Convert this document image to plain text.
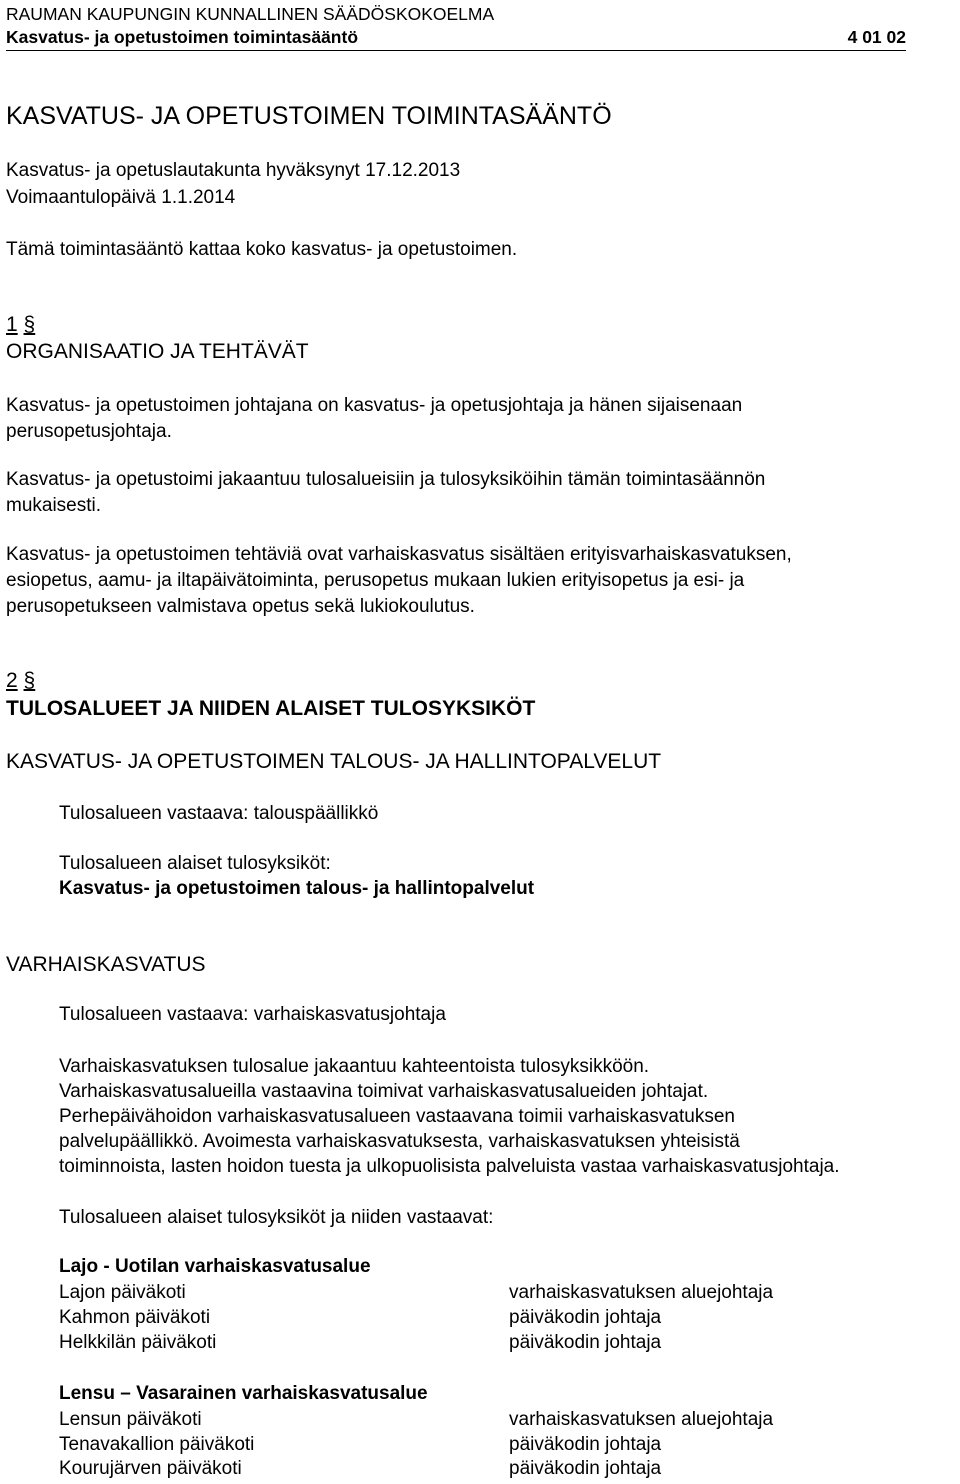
RAUMAN KAUPUNGIN KUNNALLINEN SÄÄDÖSKOKOELMA
Kasvatus- ja opetustoimen toimintasääntö	4 01 02
KASVATUS- JA OPETUSTOIMEN TOIMINTASÄÄNTÖ
Kasvatus- ja opetuslautakunta hyväksynyt 17.12.2013
Voimaantulopäivä 1.1.2014
Tämä toimintasääntö kattaa koko kasvatus- ja opetustoimen.
1 §
ORGANISAATIO JA TEHTÄVÄT
Kasvatus- ja opetustoimen johtajana on kasvatus- ja opetusjohtaja ja hänen sijaisenaan
perusopetusjohtaja.
Kasvatus- ja opetustoimi jakaantuu tulosalueisiin ja tulosyksiköihin tämän toimintasäännön
mukaisesti.
Kasvatus- ja opetustoimen tehtäviä ovat varhaiskasvatus sisältäen erityisvarhaiskasvatuksen,
esiopetus, aamu- ja iltapäivätoiminta, perusopetus mukaan lukien erityisopetus ja esi- ja
perusopetukseen valmistava opetus sekä lukiokoulutus.
2 §
TULOSALUEET JA NIIDEN ALAISET TULOSYKSIKÖT
KASVATUS- JA OPETUSTOIMEN TALOUS- JA HALLINTOPALVELUT
Tulosalueen vastaava: talouspäällikkö
Tulosalueen alaiset tulosyksiköt:
Kasvatus- ja opetustoimen talous- ja hallintopalvelut
VARHAISKASVATUS
Tulosalueen vastaava: varhaiskasvatusjohtaja
Varhaiskasvatuksen tulosalue jakaantuu kahteentoista tulosyksikköön.
Varhaiskasvatusalueilla vastaavina toimivat varhaiskasvatusalueiden johtajat.
Perhepäivähoidon varhaiskasvatusalueen vastaavana toimii varhaiskasvatuksen
palvelupäällikkö. Avoimesta varhaiskasvatuksesta, varhaiskasvatuksen yhteisistä
toiminnoista, lasten hoidon tuesta ja ulkopuolisista palveluista vastaa varhaiskasvatusjohtaja.
Tulosalueen alaiset tulosyksiköt ja niiden vastaavat:
Lajo - Uotilan varhaiskasvatusalue
Lajon päiväkoti	varhaiskasvatuksen aluejohtaja
Kahmon päiväkoti	päiväkodin johtaja
Helkkilän päiväkoti	päiväkodin johtaja
Lensu – Vasarainen varhaiskasvatusalue
Lensun päiväkoti	varhaiskasvatuksen aluejohtaja
Tenavakallion päiväkoti	päiväkodin johtaja
Kourujärven päiväkoti	päiväkodin johtaja
